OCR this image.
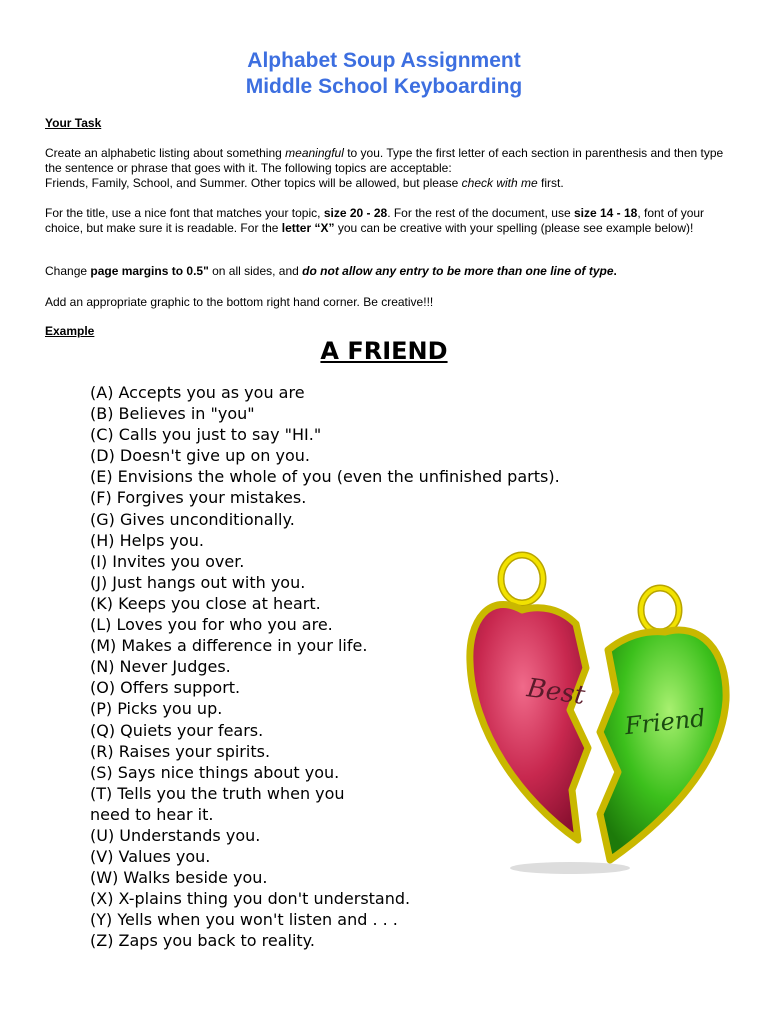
Alphabet Soup Assignment
Middle School Keyboarding
Your Task
Create an alphabetic listing about something meaningful to you. Type the first letter of each section in parenthesis and then type the sentence or phrase that goes with it. The following topics are acceptable:
Friends, Family, School, and Summer. Other topics will be allowed, but please check with me first.
For the title, use a nice font that matches your topic, size 20 - 28. For the rest of the document, use size 14 - 18, font of your choice, but make sure it is readable. For the letter “X” you can be creative with your spelling (please see example below)!
Change page margins to 0.5" on all sides, and do not allow any entry to be more than one line of type.
Add an appropriate graphic to the bottom right hand corner. Be creative!!!
Example
A FRIEND
(A) Accepts you as you are
(B) Believes in "you"
(C) Calls you just to say "HI."
(D) Doesn't give up on you.
(E) Envisions the whole of you (even the unfinished parts).
(F) Forgives your mistakes.
(G) Gives unconditionally.
(H) Helps you.
(I) Invites you over.
(J) Just hangs out with you.
(K) Keeps you close at heart.
(L) Loves you for who you are.
(M) Makes a difference in your life.
(N) Never Judges.
(O) Offers support.
(P) Picks you up.
(Q) Quiets your fears.
(R) Raises your spirits.
(S) Says nice things about you.
(T) Tells you the truth when you
need to hear it.
(U) Understands you.
(V) Values you.
(W) Walks beside you.
(X) X-plains thing you don't understand.
(Y) Yells when you won't listen and . . .
(Z) Zaps you back to reality.
Best
Friend
